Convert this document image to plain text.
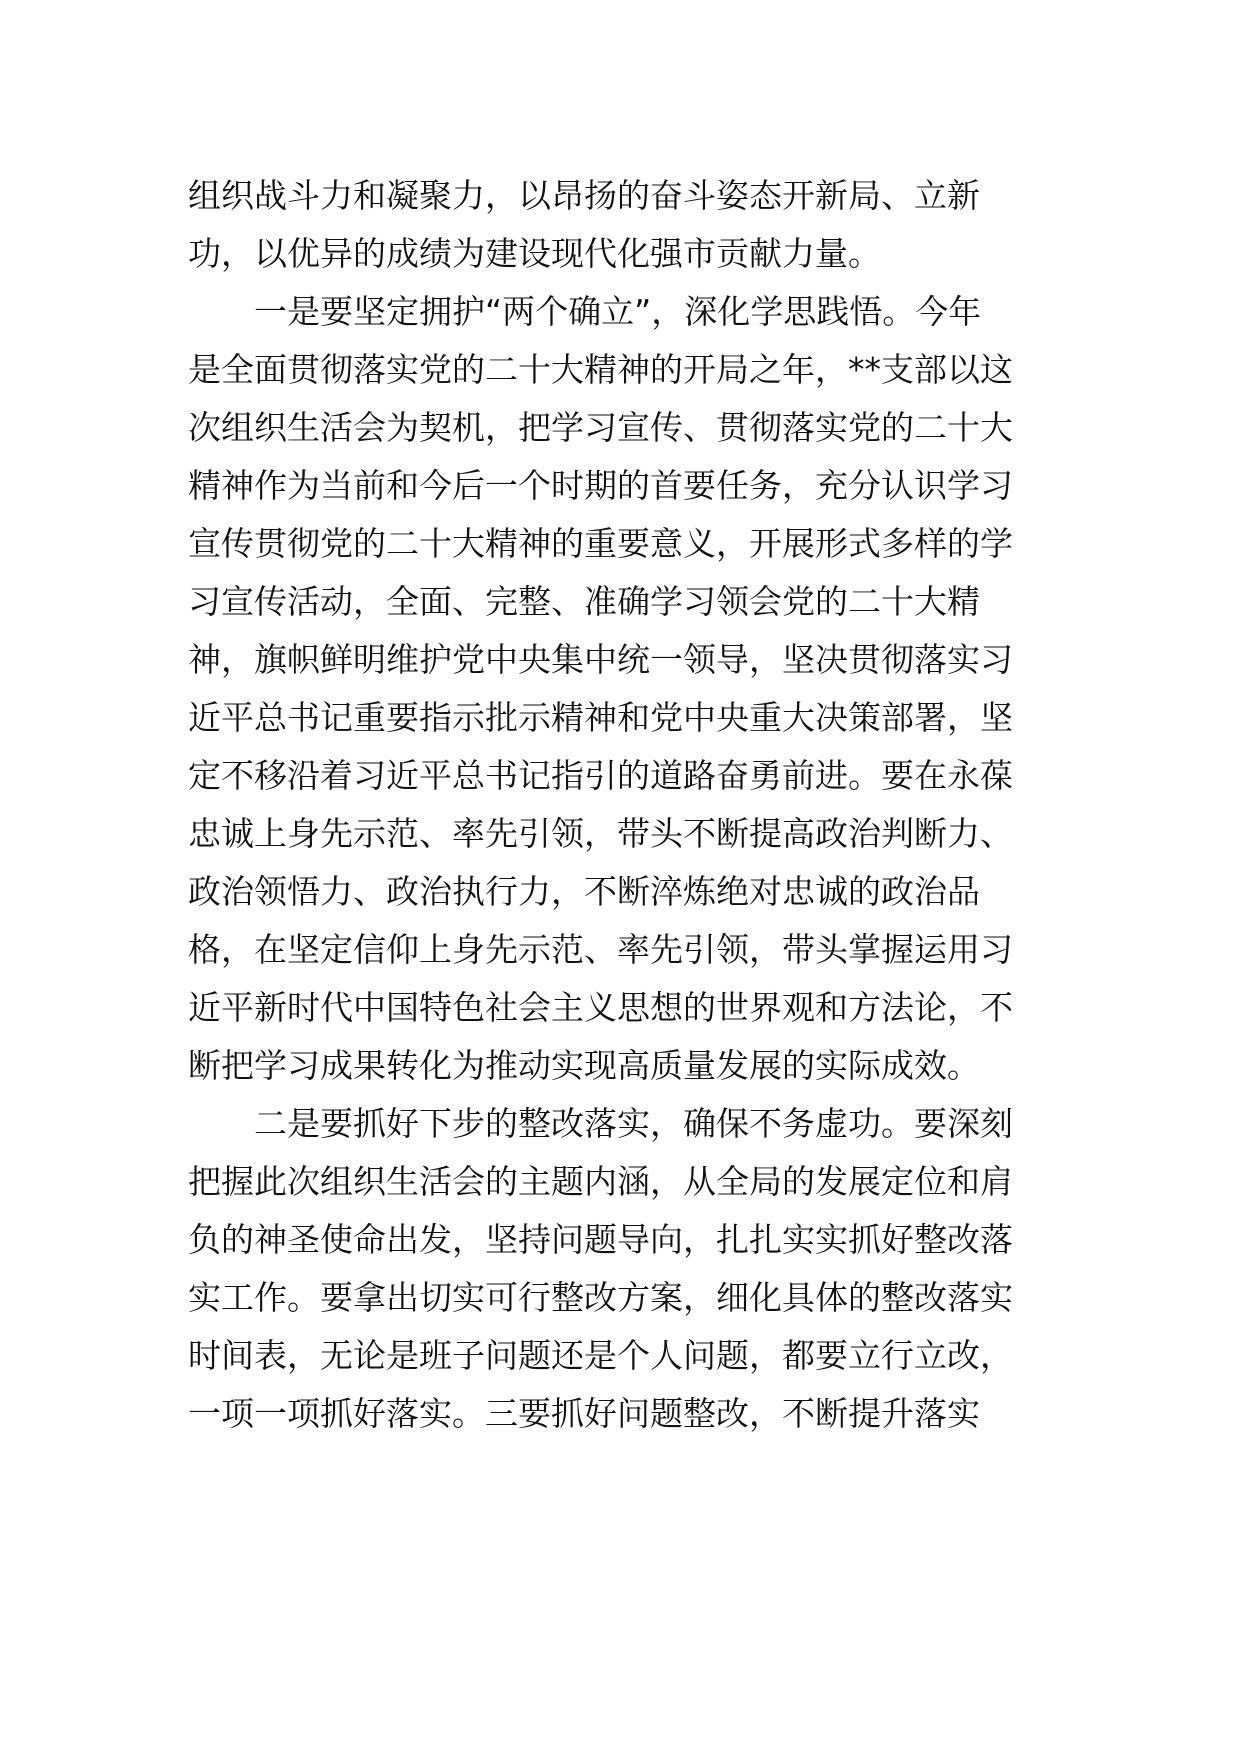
组织战斗力和凝聚力，以昂扬的奋斗姿态开新局、立新
功，以优异的成绩为建设现代化强市贡献力量。
一是要坚定拥护“两个确立”，深化学思践悟。今年
是全面贯彻落实党的二十大精神的开局之年，**支部以这
次组织生活会为契机，把学习宣传、贯彻落实党的二十大
精神作为当前和今后一个时期的首要任务，充分认识学习
宣传贯彻党的二十大精神的重要意义，开展形式多样的学
习宣传活动，全面、完整、准确学习领会党的二十大精
神，旗帜鲜明维护党中央集中统一领导，坚决贯彻落实习
近平总书记重要指示批示精神和党中央重大决策部署，坚
定不移沿着习近平总书记指引的道路奋勇前进。要在永葆
忠诚上身先示范、率先引领，带头不断提高政治判断力、
政治领悟力、政治执行力，不断淬炼绝对忠诚的政治品
格，在坚定信仰上身先示范、率先引领，带头掌握运用习
近平新时代中国特色社会主义思想的世界观和方法论，不
断把学习成果转化为推动实现高质量发展的实际成效。
二是要抓好下步的整改落实，确保不务虚功。要深刻
把握此次组织生活会的主题内涵，从全局的发展定位和肩
负的神圣使命出发，坚持问题导向，扎扎实实抓好整改落
实工作。要拿出切实可行整改方案，细化具体的整改落实
时间表，无论是班子问题还是个人问题，都要立行立改，
一项一项抓好落实。三要抓好问题整改，不断提升落实
